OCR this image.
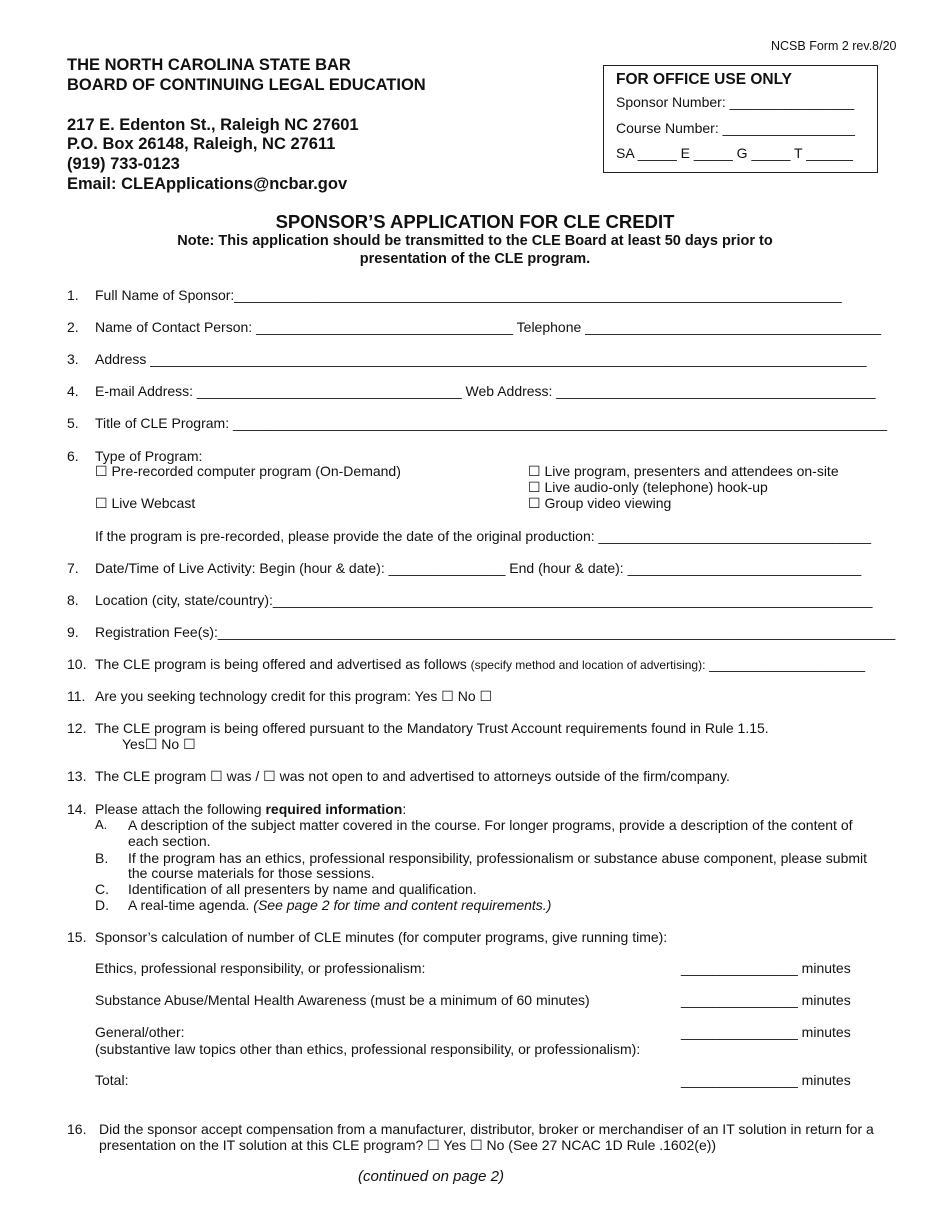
NCSB Form 2 rev.8/20
THE NORTH CAROLINA STATE BAR
BOARD OF CONTINUING LEGAL EDUCATION
217 E. Edenton St., Raleigh NC 27601
P.O. Box 26148, Raleigh, NC 27611
(919) 733-0123
Email: CLEApplications@ncbar.gov
FOR OFFICE USE ONLY
Sponsor Number: ________________
Course Number: _________________
SA _____ E _____ G _____ T ______
SPONSOR’S APPLICATION FOR CLE CREDIT
Note: This application should be transmitted to the CLE Board at least 50 days prior to
presentation of the CLE program.
1. Full Name of Sponsor:______________________________________________________________________________
2. Name of Contact Person: _________________________________ Telephone ______________________________________
3. Address ____________________________________________________________________________________________
4. E-mail Address: __________________________________ Web Address: _________________________________________
5. Title of CLE Program: ____________________________________________________________________________________
6. Type of Program:
☐ Pre-recorded computer program (On-Demand)
☐ Live Webcast
☐ Live program, presenters and attendees on-site
☐ Live audio-only (telephone) hook-up
☐ Group video viewing
If the program is pre-recorded, please provide the date of the original production: ___________________________________
7. Date/Time of Live Activity: Begin (hour & date): _______________ End (hour & date): ______________________________
8. Location (city, state/country):_____________________________________________________________________________
9. Registration Fee(s):_______________________________________________________________________________________
10. The CLE program is being offered and advertised as follows (specify method and location of advertising): ____________________
11. Are you seeking technology credit for this program: Yes ☐ No ☐
12. The CLE program is being offered pursuant to the Mandatory Trust Account requirements found in Rule 1.15.
Yes☐ No ☐
13. The CLE program ☐ was / ☐ was not open to and advertised to attorneys outside of the firm/company.
14. Please attach the following required information:
A. A description of the subject matter covered in the course. For longer programs, provide a description of the content of
each section.
B. If the program has an ethics, professional responsibility, professionalism or substance abuse component, please submit
the course materials for those sessions.
C. Identification of all presenters by name and qualification.
D. A real-time agenda. (See page 2 for time and content requirements.)
15. Sponsor’s calculation of number of CLE minutes (for computer programs, give running time):
Ethics, professional responsibility, or professionalism:	_______________ minutes
Substance Abuse/Mental Health Awareness (must be a minimum of 60 minutes)	_______________ minutes
General/other:
(substantive law topics other than ethics, professional responsibility, or professionalism):
_______________ minutes
Total:	_______________ minutes
16. Did the sponsor accept compensation from a manufacturer, distributor, broker or merchandiser of an IT solution in return for a
presentation on the IT solution at this CLE program? ☐ Yes ☐ No (See 27 NCAC 1D Rule .1602(e))
(continued on page 2)
